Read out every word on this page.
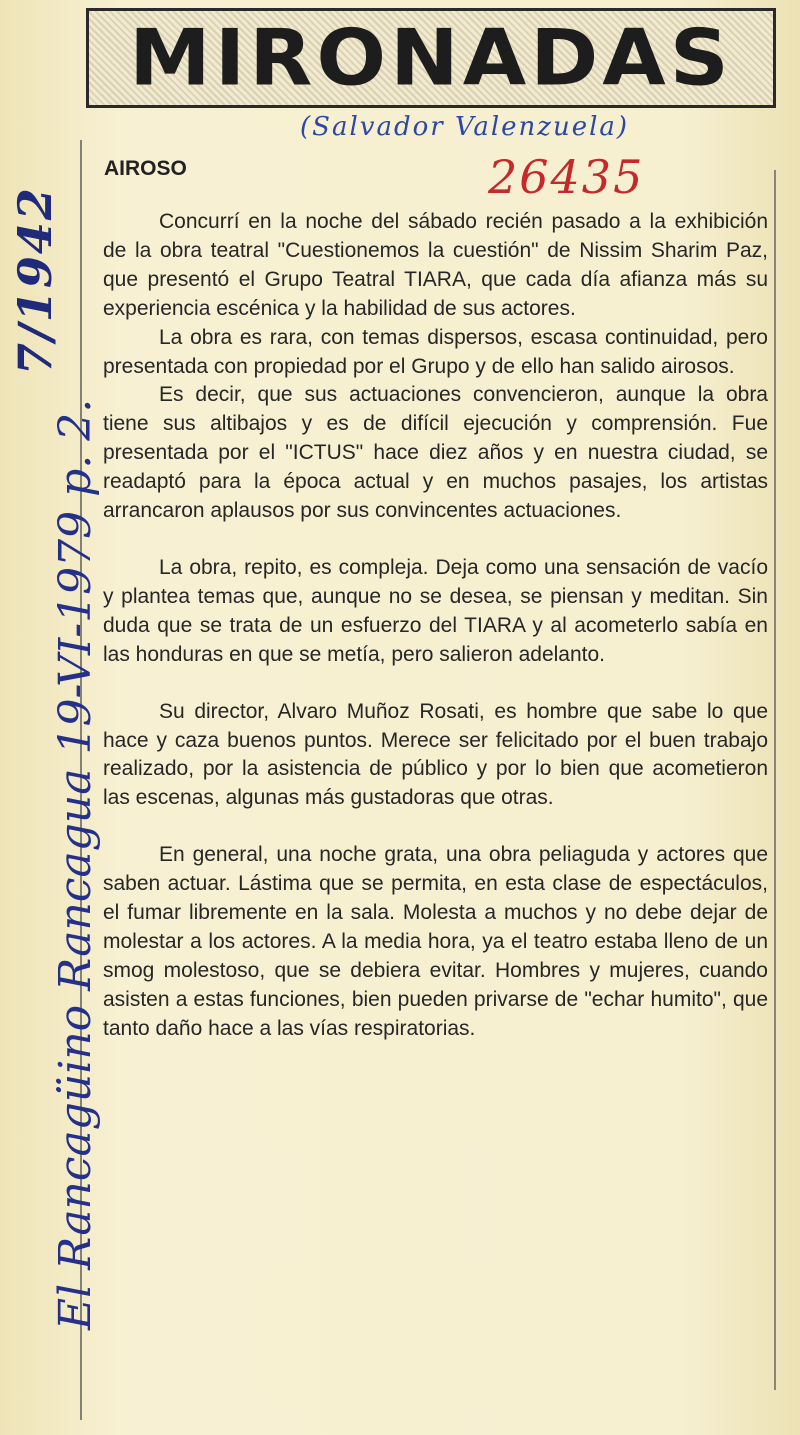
MIRONADAS
(Salvador Valenzuela)
26435
AIROSO

Concurrí en la noche del sábado recién pasado a la exhibición de la obra teatral "Cuestionemos la cuestión" de Nissim Sharim Paz, que presentó el Grupo Teatral TIARA, que cada día afianza más su experiencia escénica y la habilidad de sus actores.

La obra es rara, con temas dispersos, escasa continuidad, pero presentada con propiedad por el Grupo y de ello han salido airosos.

Es decir, que sus actuaciones convencieron, aunque la obra tiene sus altibajos y es de difícil ejecución y comprensión. Fue presentada por el "ICTUS" hace diez años y en nuestra ciudad, se readaptó para la época actual y en muchos pasajes, los artistas arrancaron aplausos por sus convincentes actuaciones.

La obra, repito, es compleja. Deja como una sensación de vacío y plantea temas que, aunque no se desea, se piensan y meditan. Sin duda que se trata de un esfuerzo del TIARA y al acometerlo sabía en las honduras en que se metía, pero salieron adelanto.

Su director, Alvaro Muñoz Rosati, es hombre que sabe lo que hace y caza buenos puntos. Merece ser felicitado por el buen trabajo realizado, por la asistencia de público y por lo bien que acometieron las escenas, algunas más gustadoras que otras.

En general, una noche grata, una obra peliaguda y actores que saben actuar. Lástima que se permita, en esta clase de espectáculos, el fumar libremente en la sala. Molesta a muchos y no debe dejar de molestar a los actores. A la media hora, ya el teatro estaba lleno de un smog molestoso, que se debiera evitar. Hombres y mujeres, cuando asisten a estas funciones, bien pueden privarse de "echar humito", que tanto daño hace a las vías respiratorias.

7/1942
El Rancagüino Rancagua 19-VI-1979 p. 2.
